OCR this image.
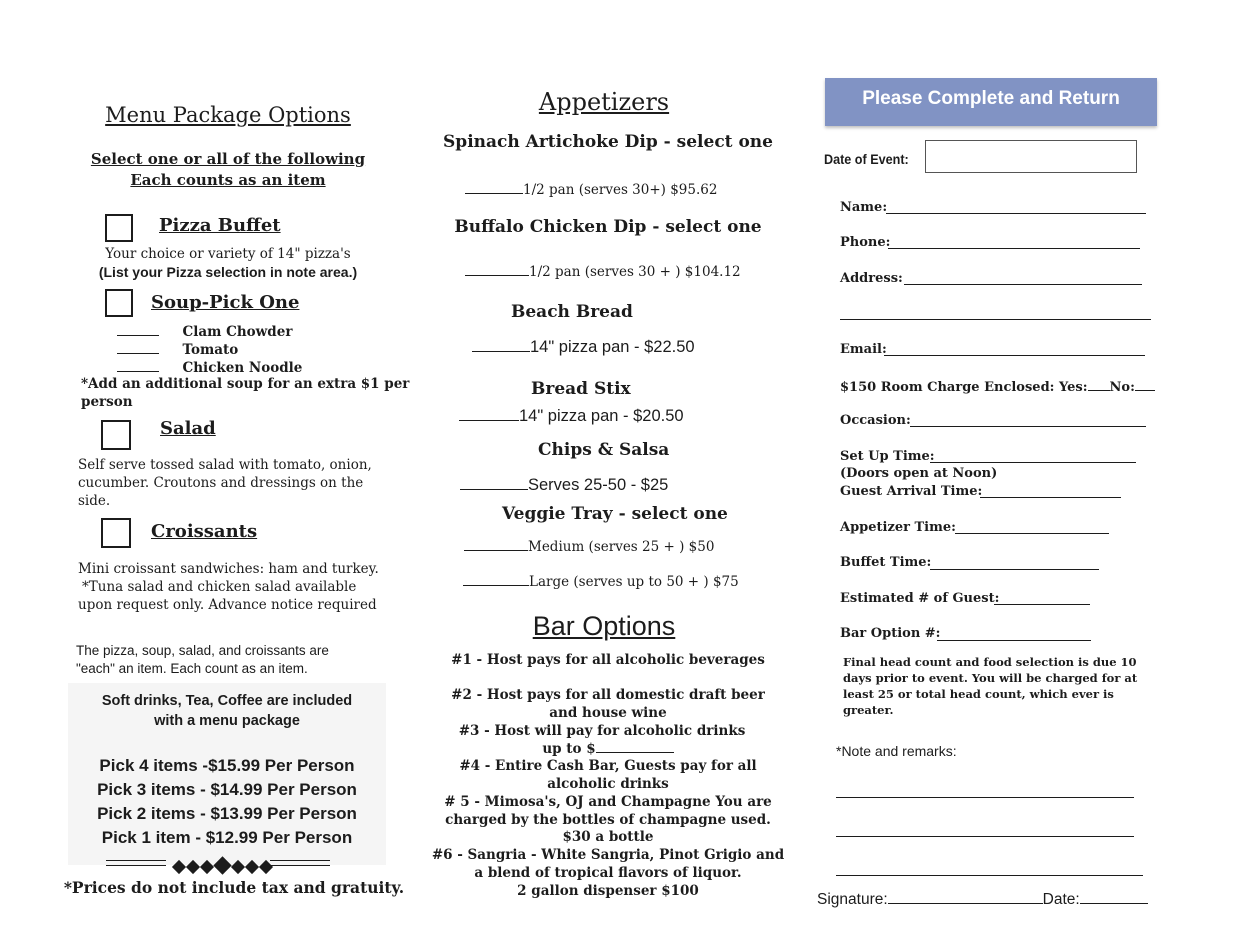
Menu Package Options
Select one or all of the following
Each counts as an item
Pizza Buffet
Your choice or variety of 14" pizza's
(List your Pizza selection in note area.)
Soup-Pick One
Clam Chowder
Tomato
Chicken Noodle
*Add an additional soup for an extra $1 per
person
Salad
Self serve tossed salad with tomato, onion,
cucumber. Croutons and dressings on the
side.
Croissants
Mini croissant sandwiches: ham and turkey.
*Tuna salad and chicken salad available
upon request only. Advance notice required
The pizza, soup, salad, and croissants are
"each" an item. Each count as an item.
Soft drinks, Tea, Coffee are included
with a menu package
Pick 4 items -$15.99 Per Person
Pick 3 items - $14.99 Per Person
Pick 2 items - $13.99 Per Person
Pick 1 item - $12.99 Per Person
*Prices do not include tax and gratuity.
Appetizers
Spinach Artichoke Dip - select one
1/2 pan (serves 30+) $95.62
Buffalo Chicken Dip - select one
1/2 pan (serves 30 + ) $104.12
Beach Bread
14" pizza pan - $22.50
Bread Stix
14" pizza pan - $20.50
Chips & Salsa
Serves 25-50 - $25
Veggie Tray - select one
Medium (serves 25 + ) $50
Large (serves up to 50 + ) $75
Bar Options
#1 - Host pays for all alcoholic beverages
#2 - Host pays for all domestic draft beer
and house wine
#3 - Host will pay for alcoholic drinks
up to $
#4 - Entire Cash Bar, Guests pay for all
alcoholic drinks
# 5 - Mimosa's, OJ and Champagne You are
charged by the bottles of champagne used.
$30 a bottle
#6 - Sangria - White Sangria, Pinot Grigio and
a blend of tropical flavors of liquor.
2 gallon dispenser $100
Please Complete and Return
Date of Event:
Name:
Phone:
Address:
Email:
$150 Room Charge Enclosed: Yes: No:
Occasion:
Set Up Time:
(Doors open at Noon)
Guest Arrival Time:
Appetizer Time:
Buffet Time:
Estimated # of Guest:
Bar Option #:
Final head count and food selection is due 10
days prior to event. You will be charged for at
least 25 or total head count, which ever is
greater.
*Note and remarks:
Signature:	Date:
